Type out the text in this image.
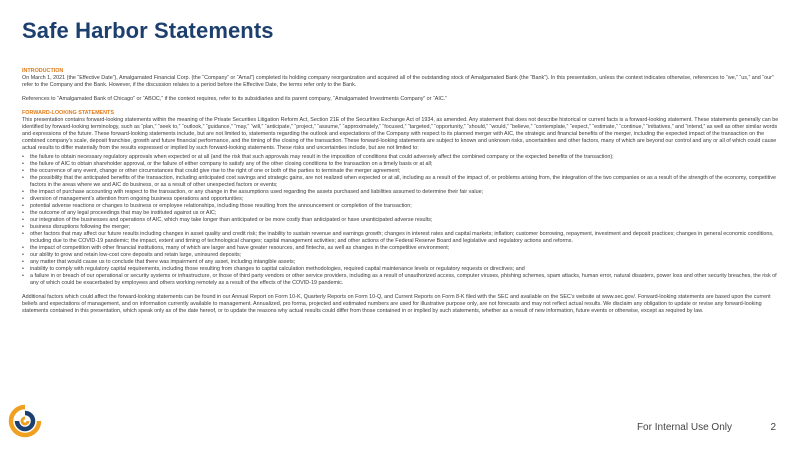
Safe Harbor Statements

INTRODUCTION

On March 1, 2021 (the “Effective Date”), Amalgamated Financial Corp. (the “Company” or “Amal”) completed its holding company reorganization and acquired all of the outstanding stock of Amalgamated Bank (the “Bank”). In this presentation, unless the context indicates otherwise, references to “we,” “us,” and “our” refer to the Company and the Bank. However, if the discussion relates to a period before the Effective Date, the terms refer only to the Bank.

References to “Amalgamated Bank of Chicago” or “ABOC,” if the context requires, refer to its subsidiaries and its parent company, “Amalgamated Investments Company” or “AIC.”

FORWARD-LOOKING STATEMENTS

This presentation contains forward-looking statements within the meaning of the Private Securities Litigation Reform Act, Section 21E of the Securities Exchange Act of 1934, as amended. Any statement that does not describe historical or current facts is a forward-looking statement. These statements generally can be identified by forward-looking terminology, such as “plan,” “seek to,” “outlook,” “guidance,” “may,” “will,” “anticipate,” “project,” “assume,” “approximately,” “focused,” “targeted,” “opportunity,” “should,” “would,” “believe,” “contemplate,” “expect,” “estimate,” “continue,” “initiatives,” and “intend,” as well as other similar words and expressions of the future. These forward-looking statements include, but are not limited to, statements regarding the outlook and expectations of the Company with respect to its planned merger with AIC, the strategic and financial benefits of the merger, including the expected impact of the transaction on the combined company’s scale, deposit franchise, growth and future financial performance, and the timing of the closing of the transaction. These forward-looking statements are subject to known and unknown risks, uncertainties and other factors, many of which are beyond our control and any or all of which could cause actual results to differ materially from the results expressed or implied by such forward-looking statements. These risks and uncertainties include, but are not limited to:

• the failure to obtain necessary regulatory approvals when expected or at all (and the risk that such approvals may result in the imposition of conditions that could adversely affect the combined company or the expected benefits of the transaction);
• the failure of AIC to obtain shareholder approval, or the failure of either company to satisfy any of the other closing conditions to the transaction on a timely basis or at all;
• the occurrence of any event, change or other circumstances that could give rise to the right of one or both of the parties to terminate the merger agreement;
• the possibility that the anticipated benefits of the transaction, including anticipated cost savings and strategic gains, are not realized when expected or at all, including as a result of the impact of, or problems arising from, the integration of the two companies or as a result of the strength of the economy, competitive factors in the areas where we and AIC do business, or as a result of other unexpected factors or events;
• the impact of purchase accounting with respect to the transaction, or any change in the assumptions used regarding the assets purchased and liabilities assumed to determine their fair value;
• diversion of management’s attention from ongoing business operations and opportunities;
• potential adverse reactions or changes to business or employee relationships, including those resulting from the announcement or completion of the transaction;
• the outcome of any legal proceedings that may be instituted against us or AIC;
• our integration of the businesses and operations of AIC, which may take longer than anticipated or be more costly than anticipated or have unanticipated adverse results;
• business disruptions following the merger;
• other factors that may affect our future results including changes in asset quality and credit risk; the inability to sustain revenue and earnings growth; changes in interest rates and capital markets; inflation; customer borrowing, repayment, investment and deposit practices; changes in general economic conditions, including due to the COVID-19 pandemic; the impact, extent and timing of technological changes; capital management activities; and other actions of the Federal Reserve Board and legislative and regulatory actions and reforms.
• the impact of competition with other financial institutions, many of which are larger and have greater resources, and fintechs, as well as changes in the competitive environment;
• our ability to grow and retain low-cost core deposits and retain large, uninsured deposits;
• any matter that would cause us to conclude that there was impairment of any asset, including intangible assets;
• inability to comply with regulatory capital requirements, including those resulting from changes to capital calculation methodologies, required capital maintenance levels or regulatory requests or directives; and
• a failure in or breach of our operational or security systems or infrastructure, or those of third party vendors or other service providers, including as a result of unauthorized access, computer viruses, phishing schemes, spam attacks, human error, natural disasters, power loss and other security breaches, the risk of any of which could be exacerbated by employees and others working remotely as a result of the effects of the COVID-19 pandemic.

Additional factors which could affect the forward-looking statements can be found in our Annual Report on Form 10-K, Quarterly Reports on Form 10-Q, and Current Reports on Form 8-K filed with the SEC and available on the SEC’s website at www.sec.gov/. Forward-looking statements are based upon the current beliefs and expectations of management, and on information currently available to management. Annualized, pro forma, projected and estimated numbers are used for illustrative purpose only, are not forecasts and may not reflect actual results. We disclaim any obligation to update or revise any forward-looking statements contained in this presentation, which speak only as of the date hereof, or to update the reasons why actual results could differ from those contained in or implied by such statements, whether as a result of new information, future events or otherwise, except as required by law.

For Internal Use Only	2
